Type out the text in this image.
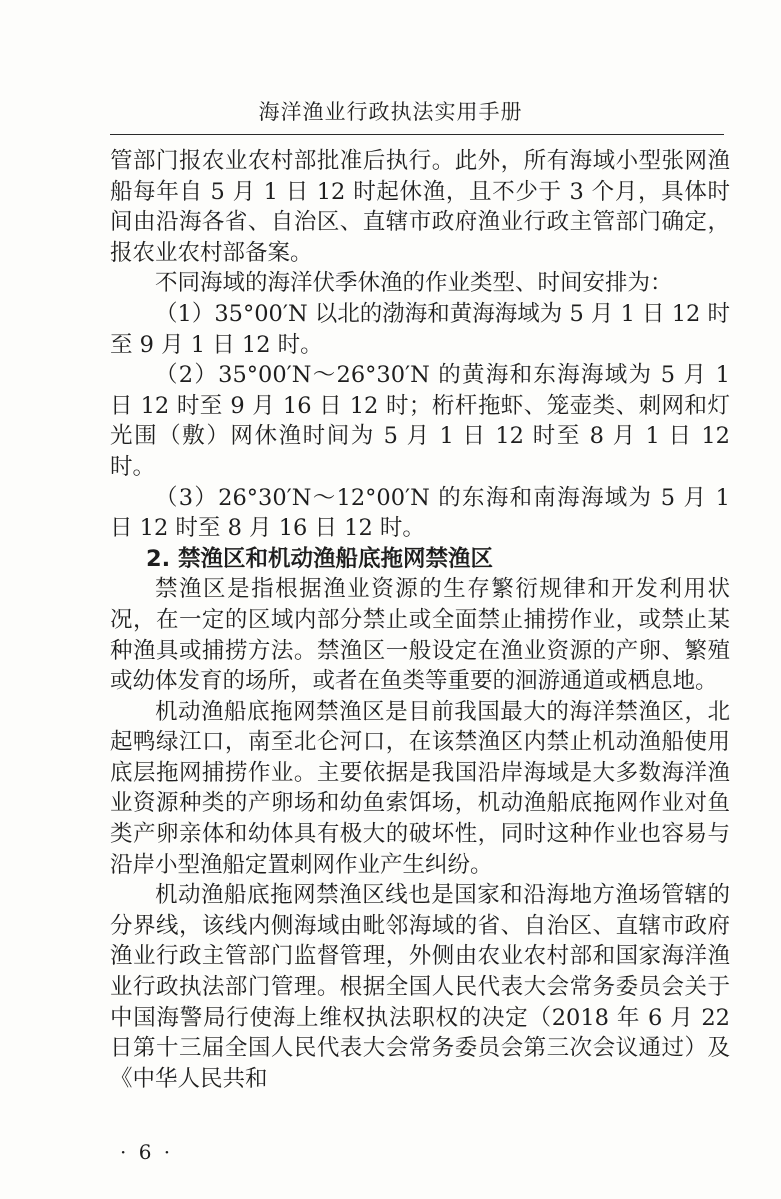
海洋渔业行政执法实用手册

管部门报农业农村部批准后执行。此外，所有海域小型张网渔船每年自 5 月 1 日 12 时起休渔，且不少于 3 个月，具体时间由沿海各省、自治区、直辖市政府渔业行政主管部门确定，报农业农村部备案。

不同海域的海洋伏季休渔的作业类型、时间安排为：

（1）35°00′N 以北的渤海和黄海海域为 5 月 1 日 12 时至 9 月 1 日 12 时。

（2）35°00′N～26°30′N 的黄海和东海海域为 5 月 1 日 12 时至 9 月 16 日 12 时；桁杆拖虾、笼壶类、刺网和灯光围（敷）网休渔时间为 5 月 1 日 12 时至 8 月 1 日 12 时。

（3）26°30′N～12°00′N 的东海和南海海域为 5 月 1 日 12 时至 8 月 16 日 12 时。

2. 禁渔区和机动渔船底拖网禁渔区

禁渔区是指根据渔业资源的生存繁衍规律和开发利用状况，在一定的区域内部分禁止或全面禁止捕捞作业，或禁止某种渔具或捕捞方法。禁渔区一般设定在渔业资源的产卵、繁殖或幼体发育的场所，或者在鱼类等重要的洄游通道或栖息地。

机动渔船底拖网禁渔区是目前我国最大的海洋禁渔区，北起鸭绿江口，南至北仑河口，在该禁渔区内禁止机动渔船使用底层拖网捕捞作业。主要依据是我国沿岸海域是大多数海洋渔业资源种类的产卵场和幼鱼索饵场，机动渔船底拖网作业对鱼类产卵亲体和幼体具有极大的破坏性，同时这种作业也容易与沿岸小型渔船定置刺网作业产生纠纷。

机动渔船底拖网禁渔区线也是国家和沿海地方渔场管辖的分界线，该线内侧海域由毗邻海域的省、自治区、直辖市政府渔业行政主管部门监督管理，外侧由农业农村部和国家海洋渔业行政执法部门管理。根据全国人民代表大会常务委员会关于中国海警局行使海上维权执法职权的决定（2018 年 6 月 22 日第十三届全国人民代表大会常务委员会第三次会议通过）及《中华人民共和

· 6 ·
